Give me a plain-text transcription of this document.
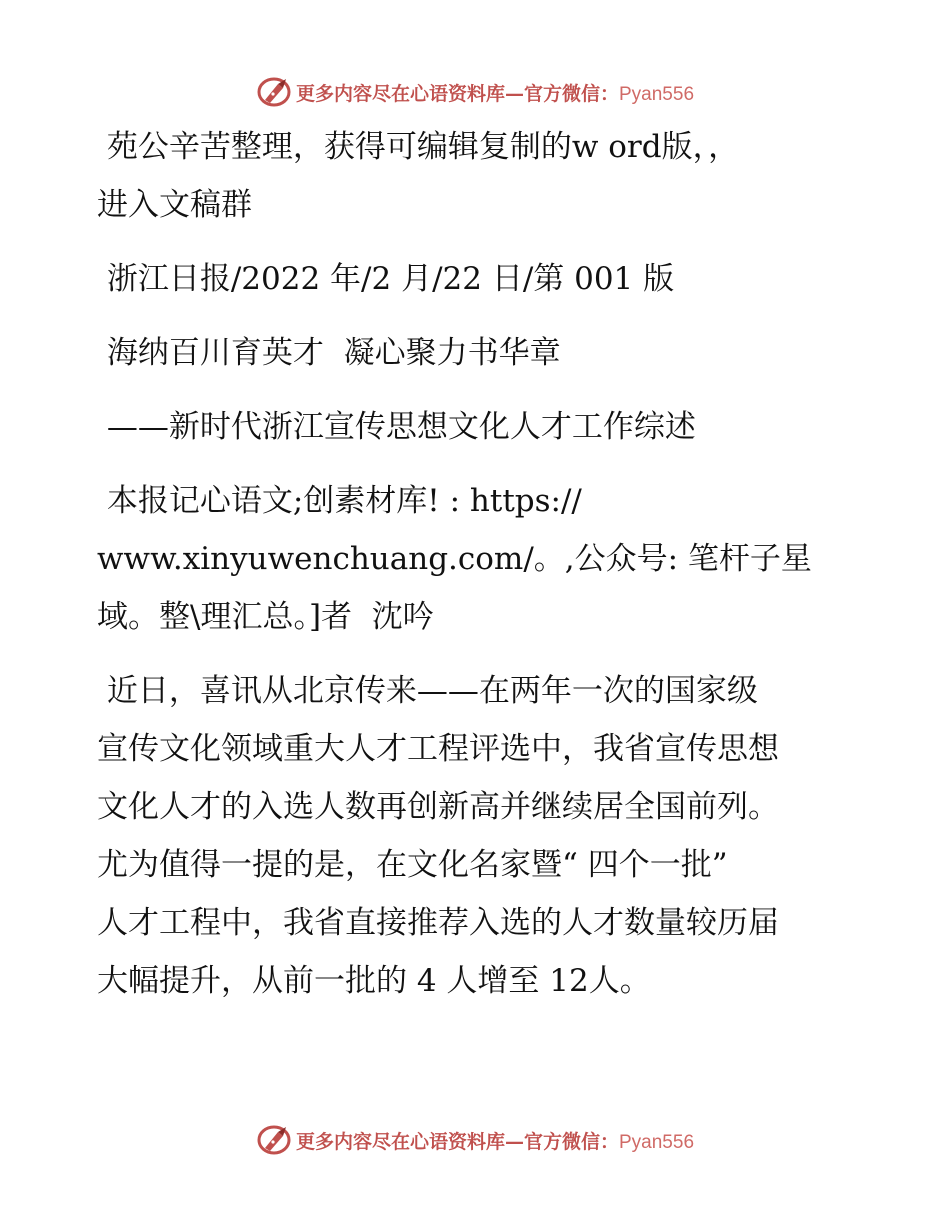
更多内容尽在心语资料库—官方微信：Pyan556

苑公辛苦整理，获得可编辑复制的w ord版，，
进入文稿群

浙江日报/2022 年/2 月/22 日/第 001 版

海纳百川育英才  凝心聚力书华章

——新时代浙江宣传思想文化人才工作综述

本报记心语文;创素材库! : https://
www.xinyuwenchuang.com/。,公众号: 笔杆子星
域。整\理汇总。]者  沈吟

近日，喜讯从北京传来——在两年一次的国家级
宣传文化领域重大人才工程评选中，我省宣传思想
文化人才的入选人数再创新高并继续居全国前列。
尤为值得一提的是，在文化名家暨“ 四个一批”
人才工程中，我省直接推荐入选的人才数量较历届
大幅提升，从前一批的 4 人增至 12人。

更多内容尽在心语资料库—官方微信：Pyan556
